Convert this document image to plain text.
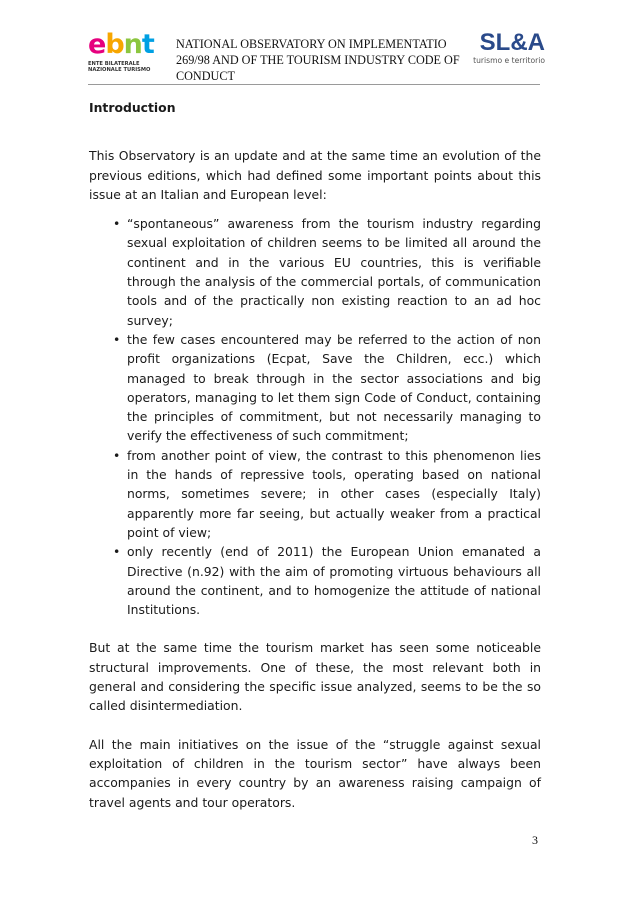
ebnt
ENTE BILATERALE
NAZIONALE TURISMO
NATIONAL OBSERVATORY ON IMPLEMENTATIO
269/98 AND OF THE TOURISM INDUSTRY CODE OF
CONDUCT
SL&A
turismo e territorio
Introduction

This Observatory is an update and at the same time an evolution of the previous editions, which had defined some important points about this issue at an Italian and European level:

• “spontaneous” awareness from the tourism industry regarding sexual exploitation of children seems to be limited all around the continent and in the various EU countries, this is verifiable through the analysis of the commercial portals, of communication tools and of the practically non existing reaction to an ad hoc survey;
• the few cases encountered may be referred to the action of non profit organizations (Ecpat, Save the Children, ecc.) which managed to break through in the sector associations and big operators, managing to let them sign Code of Conduct, containing the principles of commitment, but not necessarily managing to verify the effectiveness of such commitment;
• from another point of view, the contrast to this phenomenon lies in the hands of repressive tools, operating based on national norms, sometimes severe; in other cases (especially Italy) apparently more far seeing, but actually weaker from a practical point of view;
• only recently (end of 2011) the European Union emanated a Directive (n.92) with the aim of promoting virtuous behaviours all around the continent, and to homogenize the attitude of national Institutions.

But at the same time the tourism market has seen some noticeable structural improvements. One of these, the most relevant both in general and considering the specific issue analyzed, seems to be the so called disintermediation.

All the main initiatives on the issue of the “struggle against sexual exploitation of children in the tourism sector” have always been accompanies in every country by an awareness raising campaign of travel agents and tour operators.

3
